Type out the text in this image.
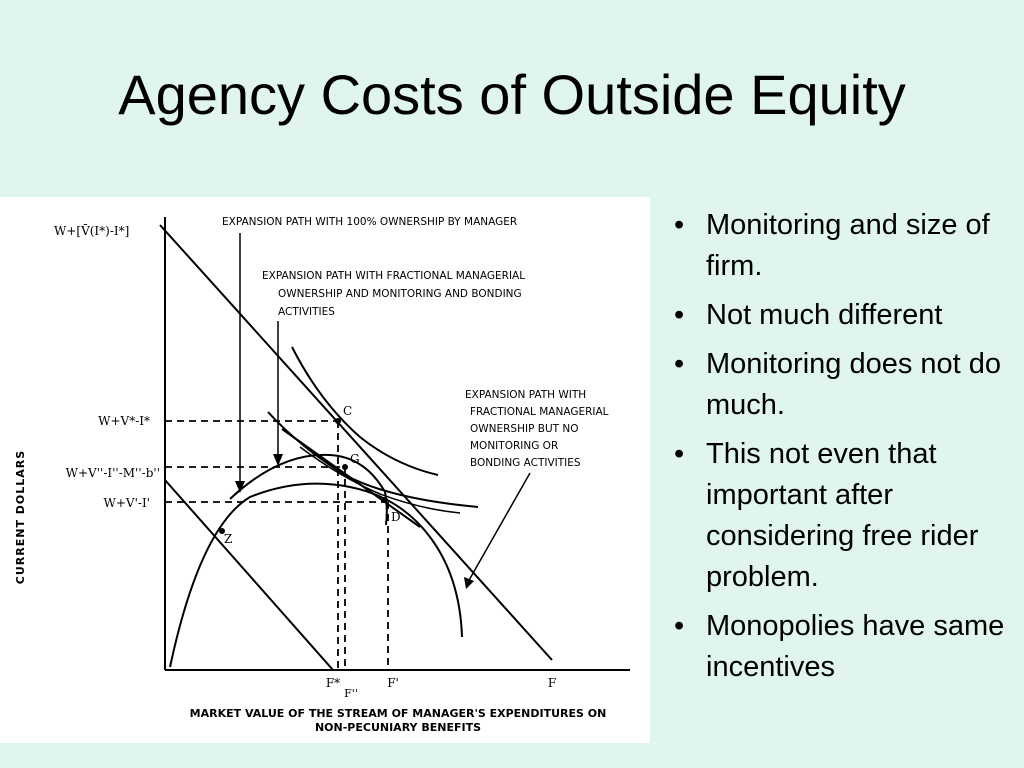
Agency Costs of Outside Equity
CURRENT DOLLARS
MARKET VALUE OF THE STREAM OF MANAGER'S EXPENDITURES ON
NON-PECUNIARY BENEFITS
W+[V̄(I*)-I*]
W+V*-I*
W+V''-I''-M''-b''
W+V'-I'
F*
F''
F'	F
C
G
D
Z
EXPANSION PATH WITH 100% OWNERSHIP BY MANAGER
EXPANSION PATH WITH FRACTIONAL MANAGERIAL
OWNERSHIP AND MONITORING AND BONDING
ACTIVITIES
EXPANSION PATH WITH
FRACTIONAL MANAGERIAL
OWNERSHIP BUT NO
MONITORING OR
BONDING ACTIVITIES
• Monitoring and size of firm.
• Not much different
• Monitoring does not do much.
• This not even that important after considering free rider problem.
• Monopolies have same incentives
